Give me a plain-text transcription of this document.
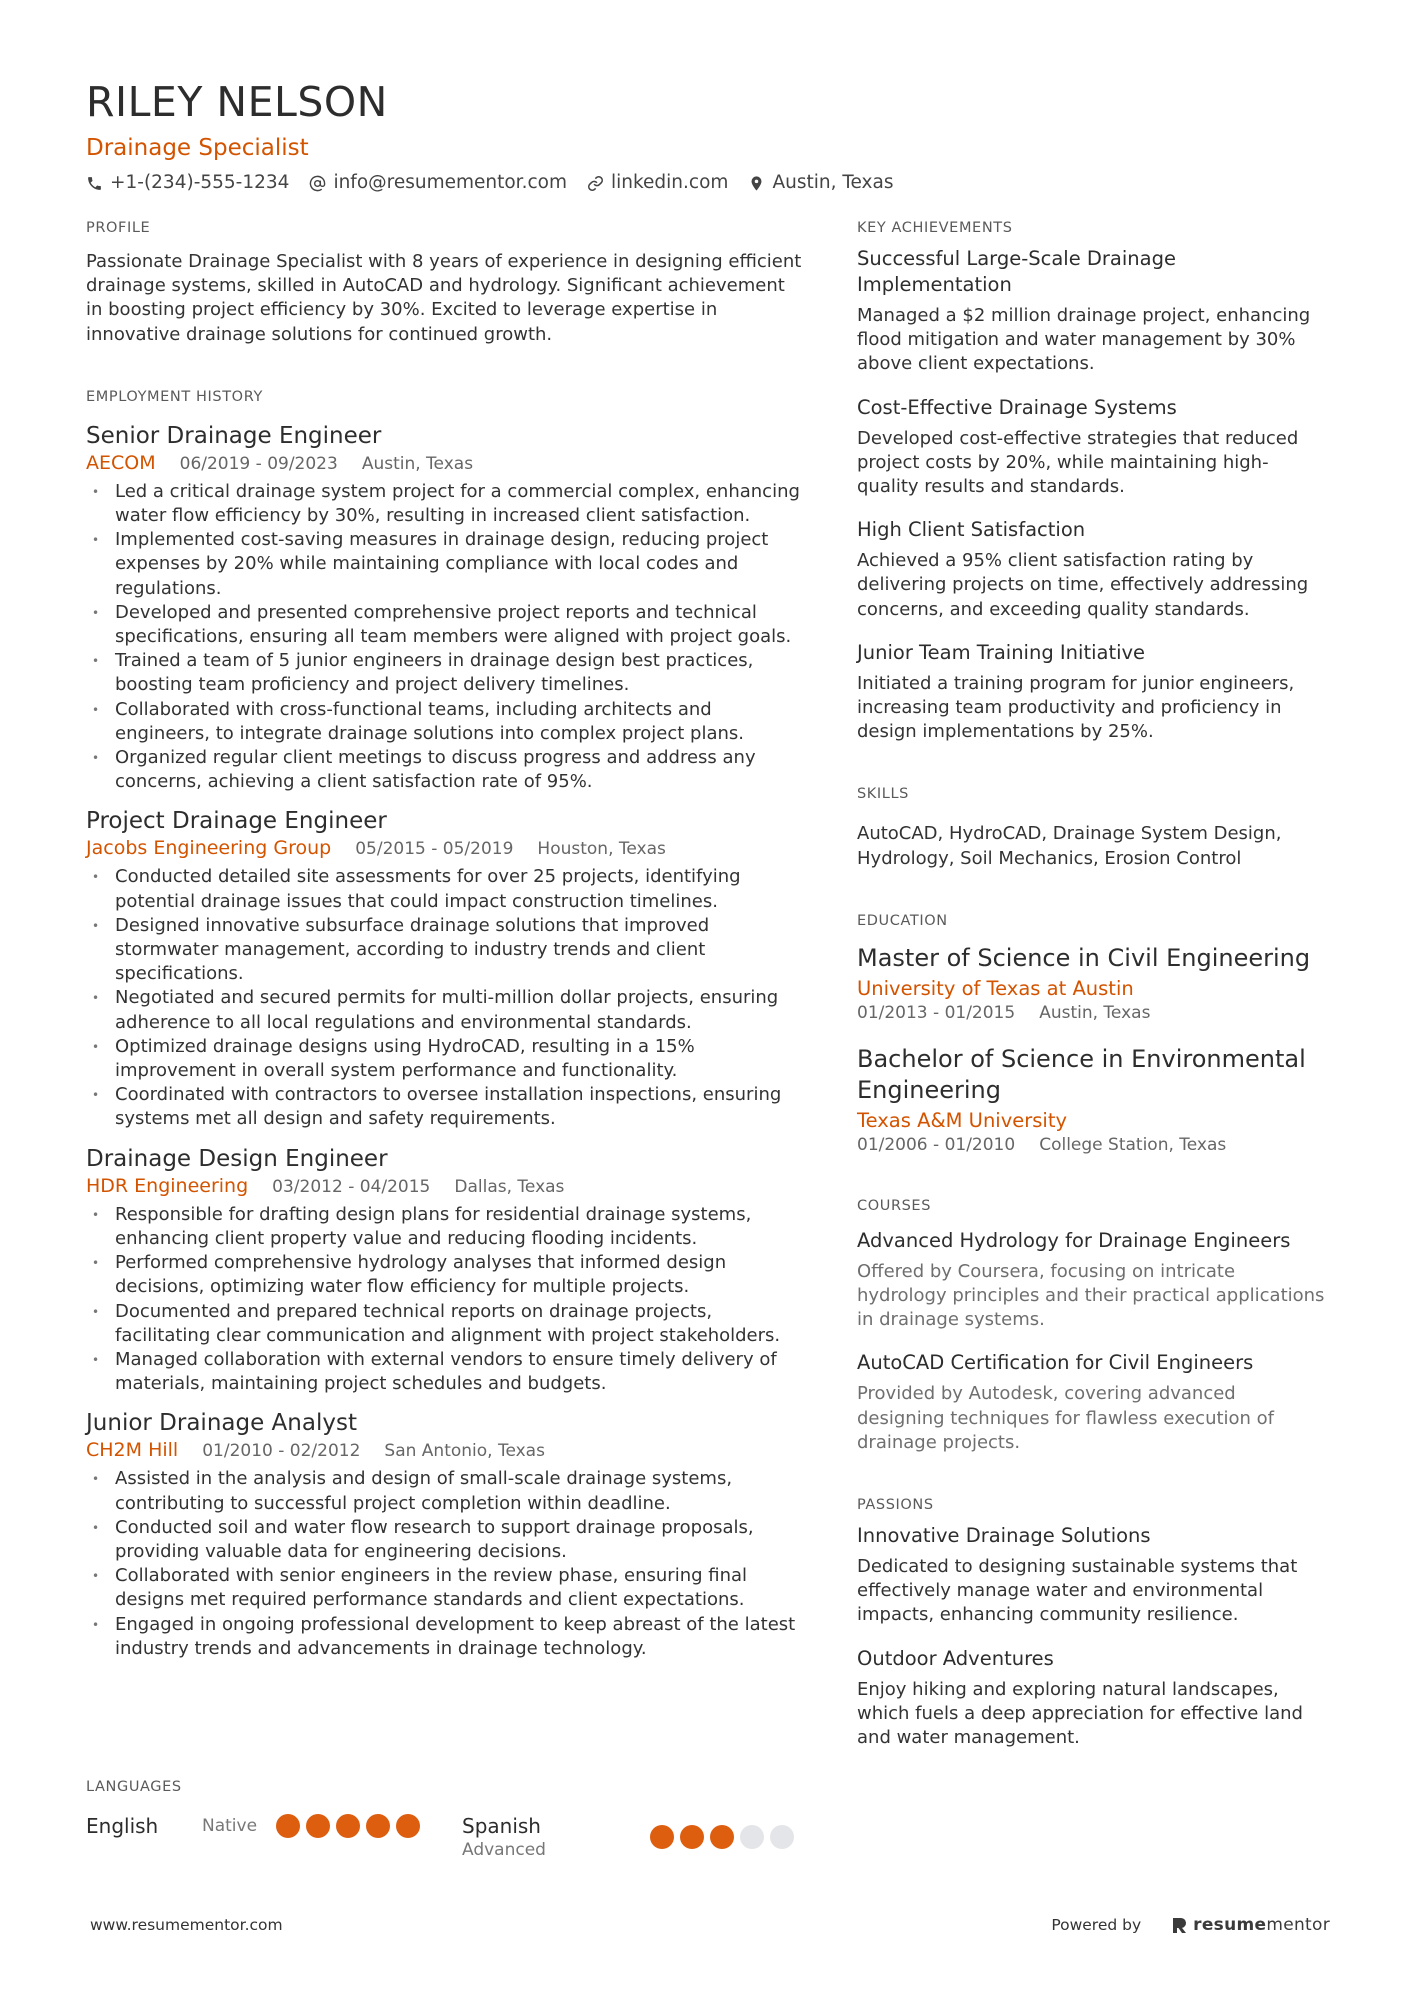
RILEY NELSON
Drainage Specialist
+1-(234)-555-1234 info@resumementor.com linkedin.com Austin, Texas
PROFILE
Passionate Drainage Specialist with 8 years of experience in designing efficient drainage systems, skilled in AutoCAD and hydrology. Significant achievement in boosting project efficiency by 30%. Excited to leverage expertise in innovative drainage solutions for continued growth.
EMPLOYMENT HISTORY
Senior Drainage Engineer
AECOM 06/2019 - 09/2023 Austin, Texas
• Led a critical drainage system project for a commercial complex, enhancing water flow efficiency by 30%, resulting in increased client satisfaction.
• Implemented cost-saving measures in drainage design, reducing project expenses by 20% while maintaining compliance with local codes and regulations.
• Developed and presented comprehensive project reports and technical specifications, ensuring all team members were aligned with project goals.
• Trained a team of 5 junior engineers in drainage design best practices, boosting team proficiency and project delivery timelines.
• Collaborated with cross-functional teams, including architects and engineers, to integrate drainage solutions into complex project plans.
• Organized regular client meetings to discuss progress and address any concerns, achieving a client satisfaction rate of 95%.
Project Drainage Engineer
Jacobs Engineering Group 05/2015 - 05/2019 Houston, Texas
• Conducted detailed site assessments for over 25 projects, identifying potential drainage issues that could impact construction timelines.
• Designed innovative subsurface drainage solutions that improved stormwater management, according to industry trends and client specifications.
• Negotiated and secured permits for multi-million dollar projects, ensuring adherence to all local regulations and environmental standards.
• Optimized drainage designs using HydroCAD, resulting in a 15% improvement in overall system performance and functionality.
• Coordinated with contractors to oversee installation inspections, ensuring systems met all design and safety requirements.
Drainage Design Engineer
HDR Engineering 03/2012 - 04/2015 Dallas, Texas
• Responsible for drafting design plans for residential drainage systems, enhancing client property value and reducing flooding incidents.
• Performed comprehensive hydrology analyses that informed design decisions, optimizing water flow efficiency for multiple projects.
• Documented and prepared technical reports on drainage projects, facilitating clear communication and alignment with project stakeholders.
• Managed collaboration with external vendors to ensure timely delivery of materials, maintaining project schedules and budgets.
Junior Drainage Analyst
CH2M Hill 01/2010 - 02/2012 San Antonio, Texas
• Assisted in the analysis and design of small-scale drainage systems, contributing to successful project completion within deadline.
• Conducted soil and water flow research to support drainage proposals, providing valuable data for engineering decisions.
• Collaborated with senior engineers in the review phase, ensuring final designs met required performance standards and client expectations.
• Engaged in ongoing professional development to keep abreast of the latest industry trends and advancements in drainage technology.
LANGUAGES
English	Native	Spanish
Advanced
KEY ACHIEVEMENTS
Successful Large-Scale Drainage Implementation
Managed a $2 million drainage project, enhancing flood mitigation and water management by 30% above client expectations.
Cost-Effective Drainage Systems
Developed cost-effective strategies that reduced project costs by 20%, while maintaining high-quality results and standards.
High Client Satisfaction
Achieved a 95% client satisfaction rating by delivering projects on time, effectively addressing concerns, and exceeding quality standards.
Junior Team Training Initiative
Initiated a training program for junior engineers, increasing team productivity and proficiency in design implementations by 25%.
SKILLS
AutoCAD, HydroCAD, Drainage System Design, Hydrology, Soil Mechanics, Erosion Control
EDUCATION
Master of Science in Civil Engineering
University of Texas at Austin
01/2013 - 01/2015 Austin, Texas
Bachelor of Science in Environmental Engineering
Texas A&M University
01/2006 - 01/2010 College Station, Texas
COURSES
Advanced Hydrology for Drainage Engineers
Offered by Coursera, focusing on intricate hydrology principles and their practical applications in drainage systems.
AutoCAD Certification for Civil Engineers
Provided by Autodesk, covering advanced designing techniques for flawless execution of drainage projects.
PASSIONS
Innovative Drainage Solutions
Dedicated to designing sustainable systems that effectively manage water and environmental impacts, enhancing community resilience.
Outdoor Adventures
Enjoy hiking and exploring natural landscapes, which fuels a deep appreciation for effective land and water management.
www.resumementor.com	Powered by	resumementor
